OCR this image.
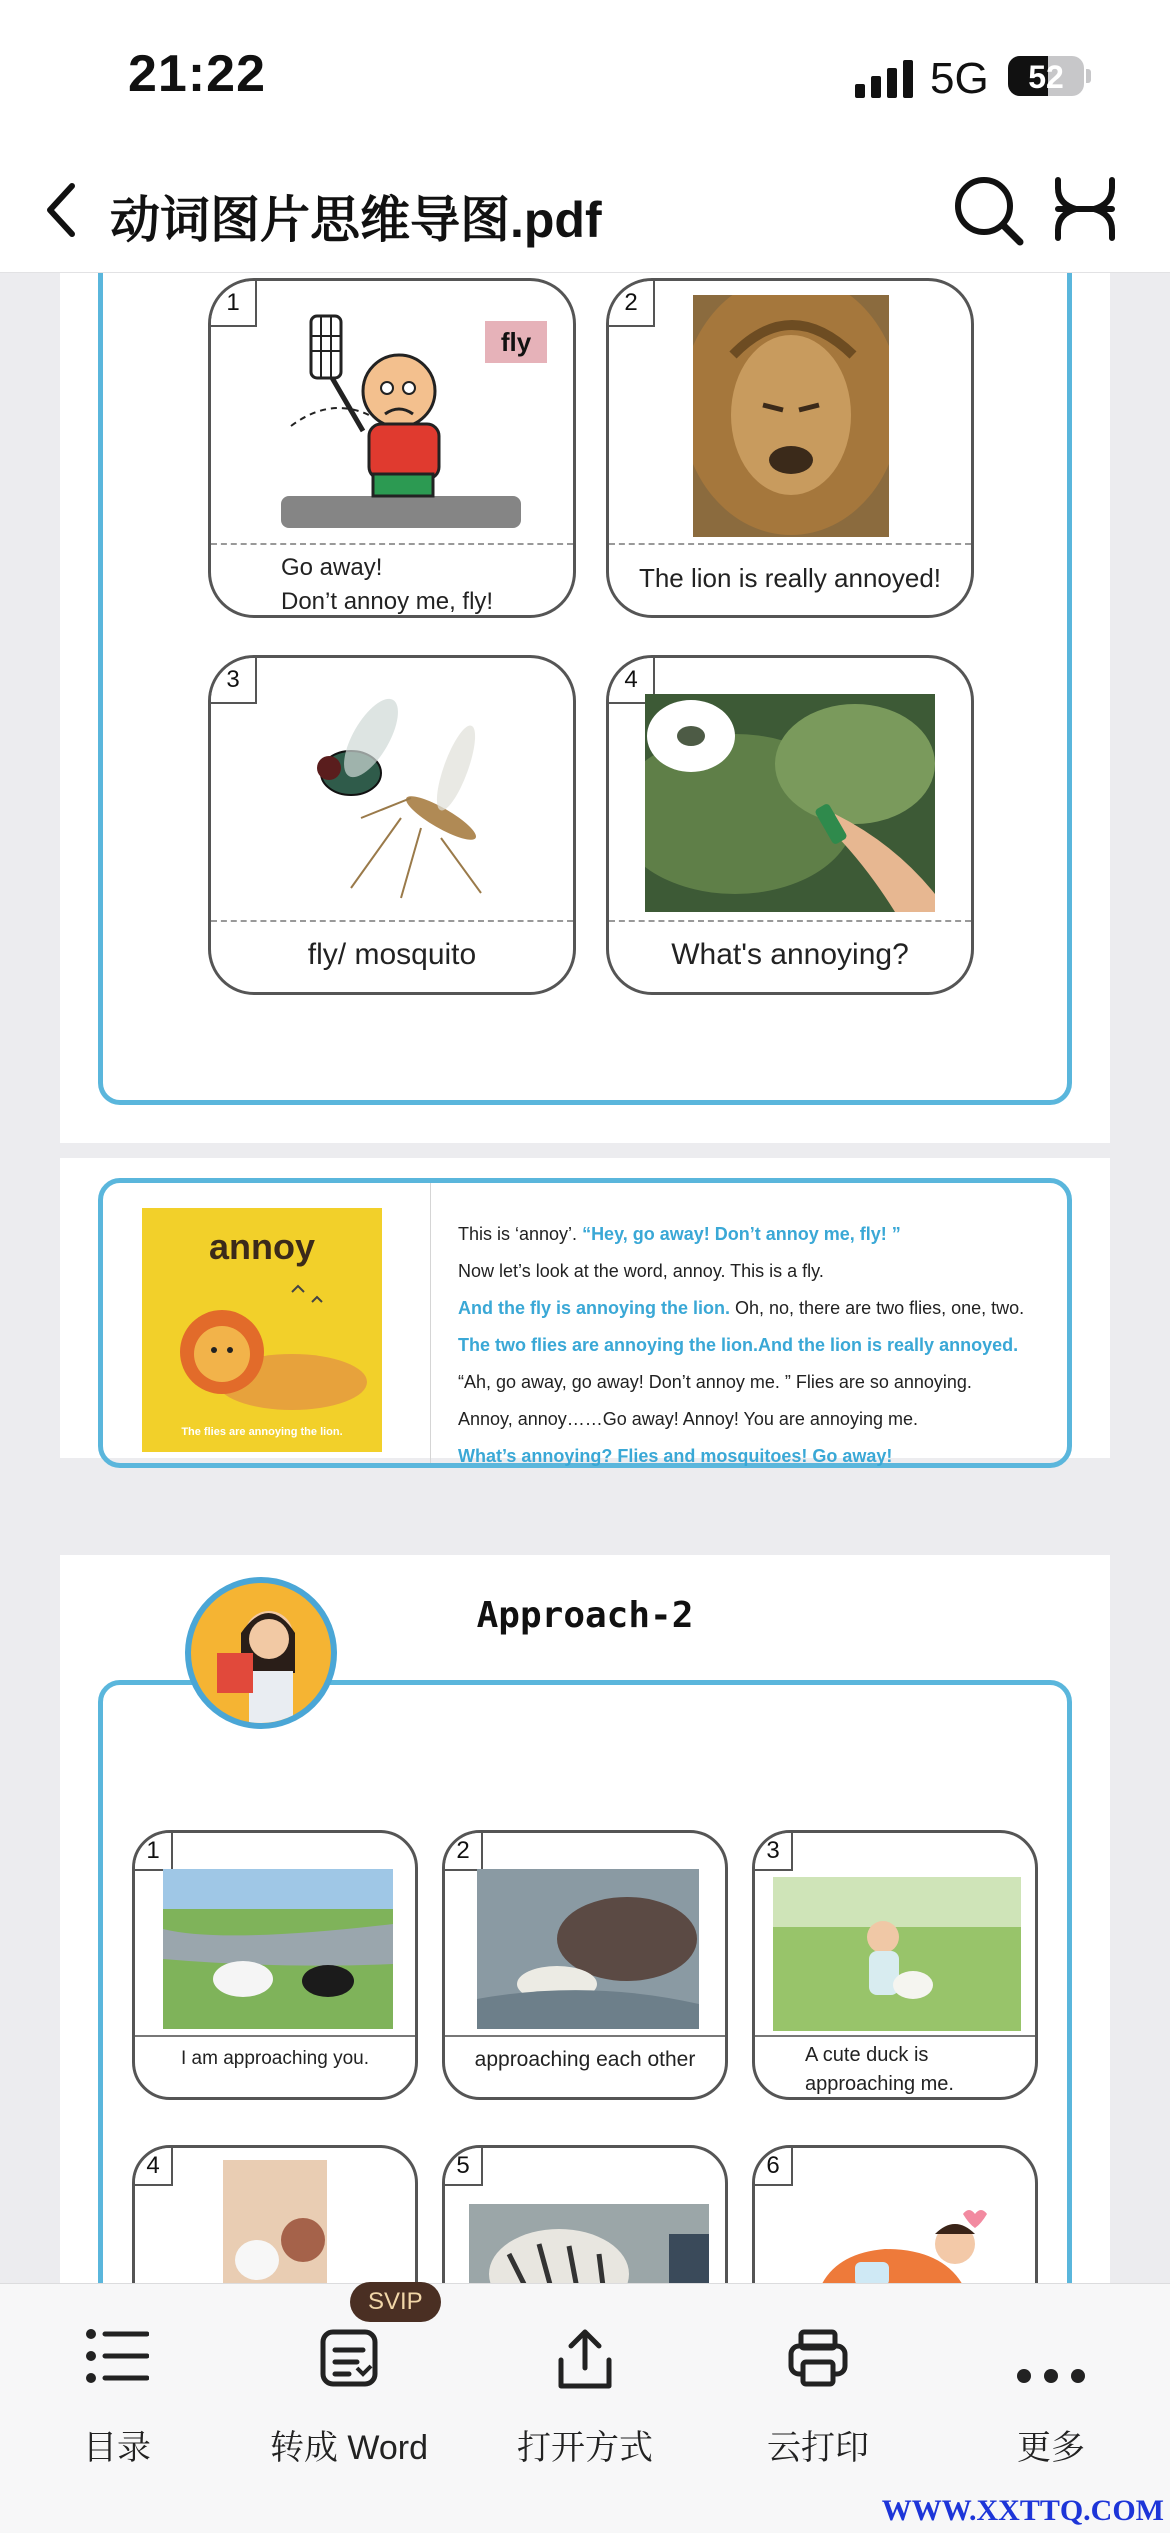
21:22	5G	52
动词图片思维导图.pdf
1
fly
Go away!
Don’t annoy me, fly!
2
The lion is really annoyed!
3
fly/ mosquito
4
What's annoying?
annoy
The flies are annoying the lion.
This is ‘annoy’. “Hey, go away! Don’t annoy me, fly! ”
Now let’s look at the word, annoy. This is a fly.
And the fly is annoying the lion. Oh, no, there are two flies, one, two.
The two flies are annoying the lion.And the lion is really annoyed.
“Ah, go away, go away! Don’t annoy me. ” Flies are so annoying.
Annoy, annoy……Go away! Annoy! You are annoying me.
What’s annoying? Flies and mosquitoes! Go away!
Approach-2
1
I am approaching you.
2
approaching each other
3
A cute duck is
approaching me.
4	5	6
目录	转成 Word	打开方式	云打印	更多
SVIP
WWW.XXTTQ.COM
